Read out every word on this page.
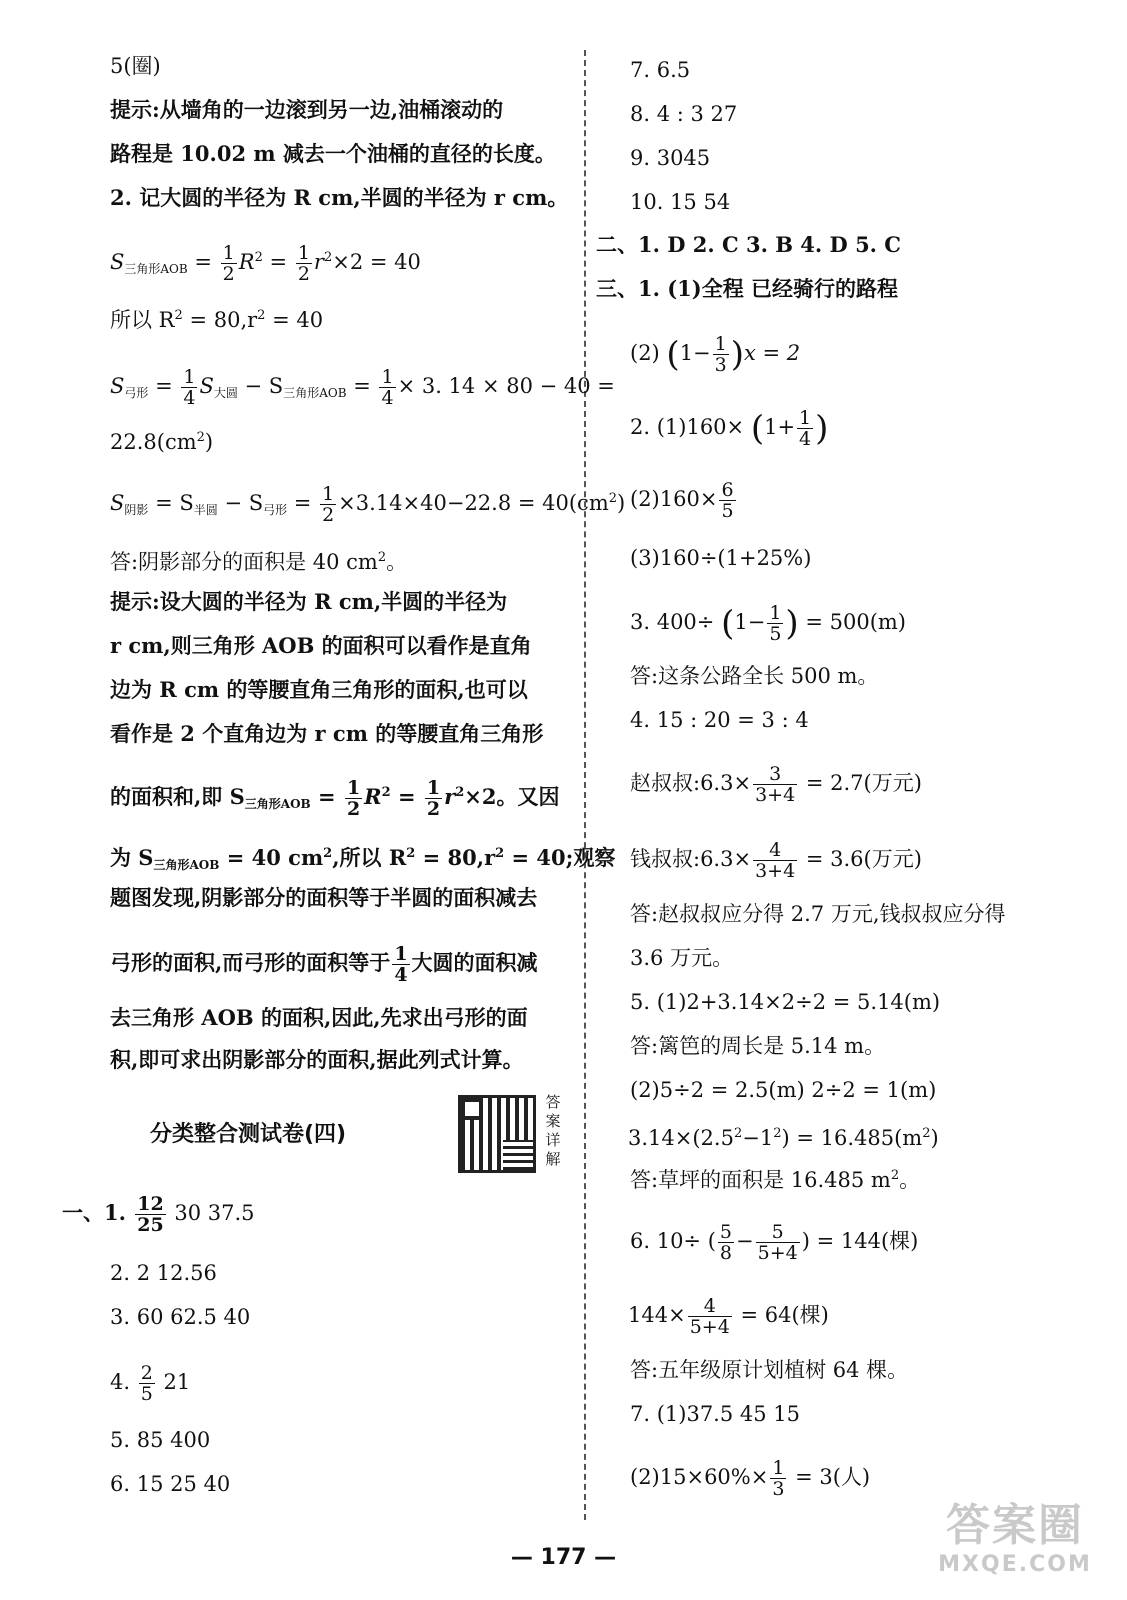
5(圈)
提示:从墙角的一边滚到另一边,油桶滚动的
路程是 10.02 m 减去一个油桶的直径的长度。
2. 记大圆的半径为 R cm,半圆的半径为 r cm。
$S_{三角形AOB} = \frac{1}{2} R^2 = \frac{1}{2} r^2\times 2 = 40$
所以 $R^2 = 80,r^2 = 40$
$S_{弓形} = \frac{1}{4} S_{大圆} - S_{三角形AOB} = \frac{1}{4} \times 3$. 14 × 80 − 40 =
$22.8(cm^2)$
$S_{阴影} = S_{半圆} - S_{弓形} = \frac{1}{2} \times 3.14\times 40-22.8 = 40(cm^2)$
答:阴影部分的面积是 40 $cm^2$。
提示:设大圆的半径为 R cm,半圆的半径为
r cm,则三角形 AOB 的面积可以看作是直角
边为 R cm 的等腰直角三角形的面积,也可以
看作是 2 个直角边为 r cm 的等腰直角三角形
的面积和,即 $S_{三角形AOB} = \frac{1}{2} R^2 = \frac{1}{2} r^2\times 2$。又因
为 $S_{三角形AOB} = 40$ $cm^2$,所以 $R^2 = 80,r^2 = 40$;观察
题图发现,阴影部分的面积等于半圆的面积减去
弓形的面积,而弓形的面积等于 $\frac{1}{4}$ 大圆的面积减
去三角形 AOB 的面积,因此,先求出弓形的面
积,即可求出阴影部分的面积,据此列式计算。
分类整合测试卷(四)
答案详解
一、1. $\frac{12}{25} 30$ 37.5
2. 2 12.56
3. 60 62.5 40
4. $\frac{2}{5} 21$
5. 85 400
6. 15 25 40
7. 6.5
8. 4 : 3 27
9. 3045
10. 15 54
二、1. D 2. C 3. B 4. D 5. C
三、1. (1)全程 已经骑行的路程
(2) $(1- \frac{1}{3} )x = 2$
2. $(1)160\times (1+ \frac{1}{4}$ )
$(2)160\times \frac{6}{5}$
(3)160÷(1+25%)
3. $400\div (1- \frac{1}{5}$ ) = 500(m)
答:这条公路全长 500 m。
4. 15 : 20 = 3 : 4
赵叔叔:6.3× $\frac{3}{3+4} = 2.7$(万元)
钱叔叔:6.3× $\frac{4}{3+4} = 3.6$(万元)
答:赵叔叔应分得 2.7 万元,钱叔叔应分得
3.6 万元。
5. (1)2+3.14×2÷2 = 5.14(m)
答:篱笆的周长是 5.14 m。
(2)5÷2 = 2.5(m) 2÷2 = 1(m)
$3.14\times(2.5^2-1^2) = 16.485(m^2)$
答:草坪的面积是 16.485 $m^2$。
6. 10÷ ( $\frac{5}{8} - \frac{5}{5+4}$ ) = 144(棵)
$144\times \frac{4}{5+4} = 64$(棵)
答:五年级原计划植树 64 棵。
7. (1)37.5 45 15
$(2)15\times 60\%\times \frac{1}{3} = 3$(人)
— 177 —
答案圈
MXQE.COM
